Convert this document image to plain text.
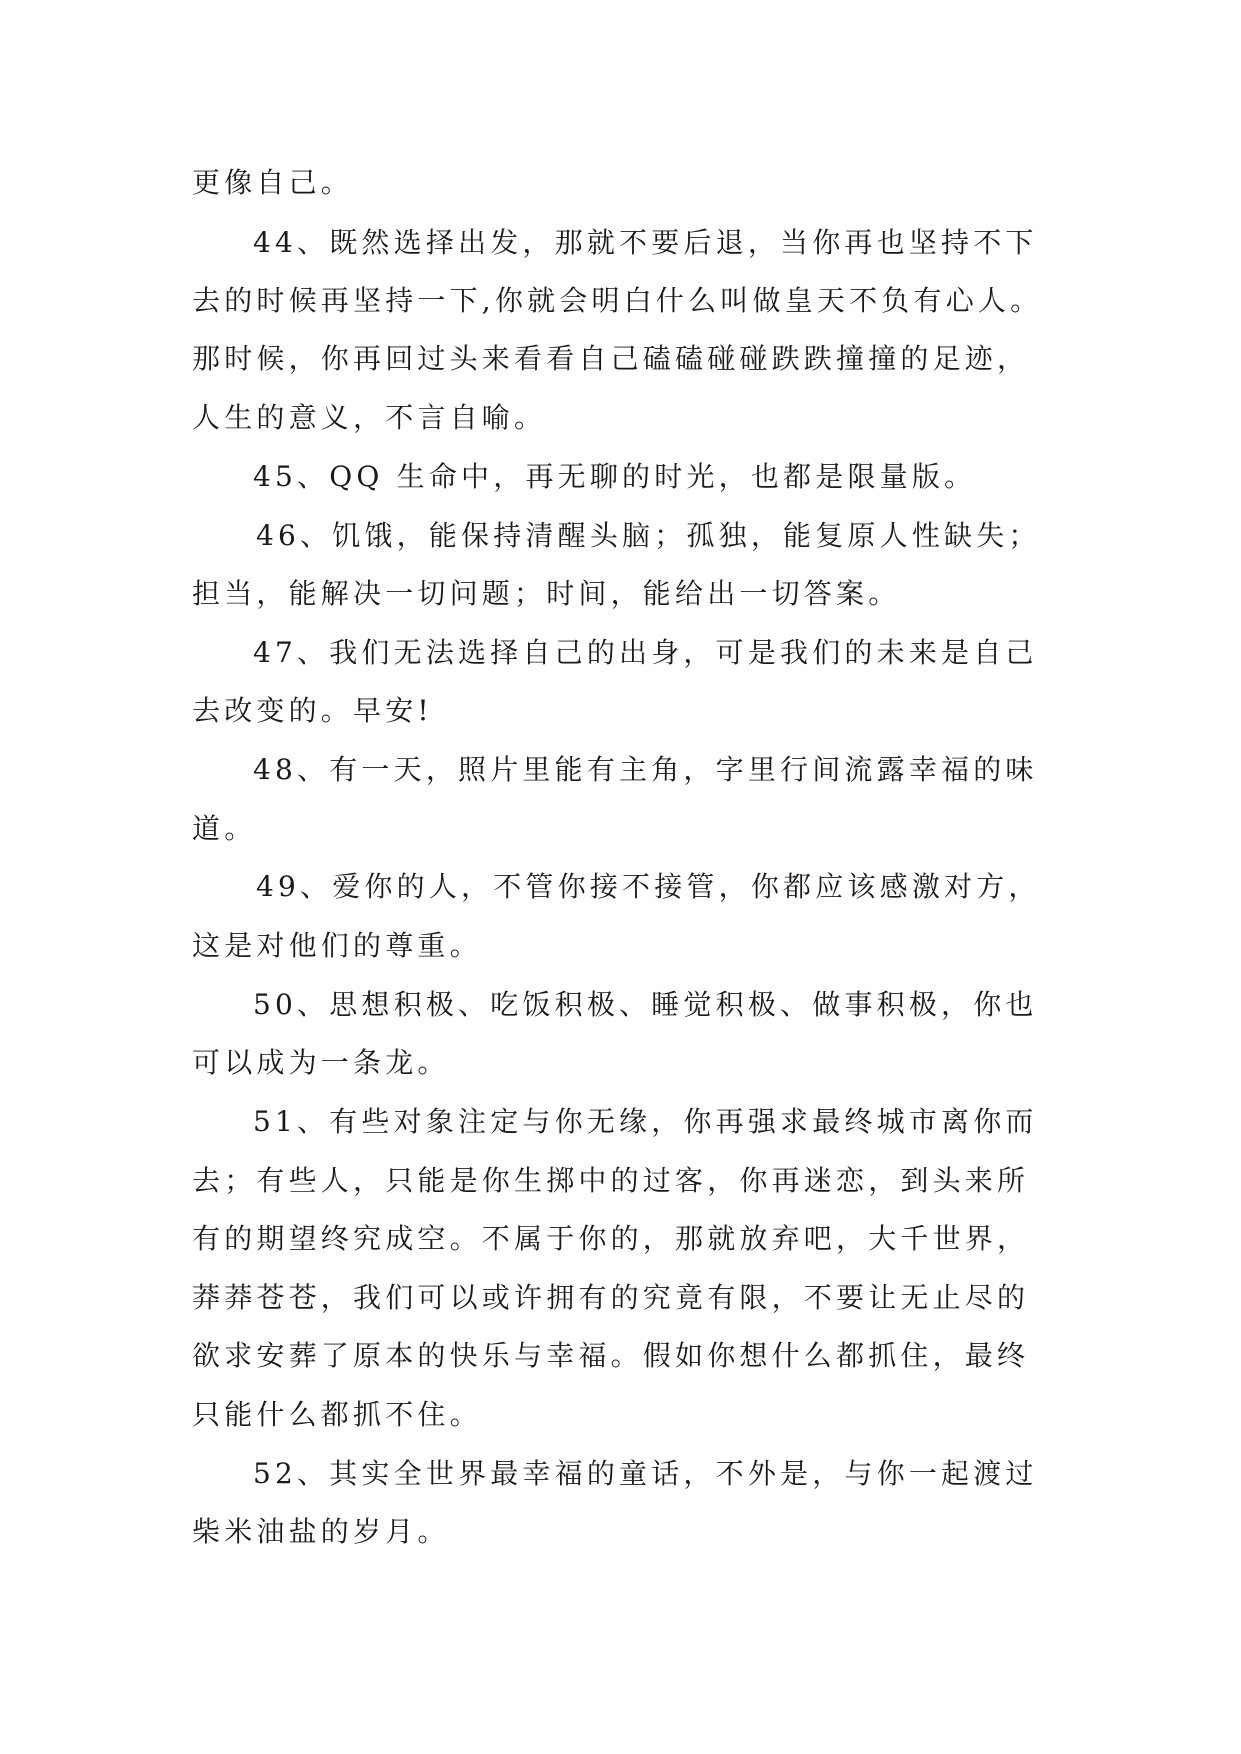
更像自己。
44、既然选择出发，那就不要后退，当你再也坚持不下
去的时候再坚持一下,你就会明白什么叫做皇天不负有心人。
那时候，你再回过头来看看自己磕磕碰碰跌跌撞撞的足迹，
人生的意义，不言自喻。
45、QQ 生命中，再无聊的时光，也都是限量版。
46、饥饿，能保持清醒头脑；孤独，能复原人性缺失；
担当，能解决一切问题；时间，能给出一切答案。
47、我们无法选择自己的出身，可是我们的未来是自己
去改变的。早安!
48、有一天，照片里能有主角，字里行间流露幸福的味
道。
49、爱你的人，不管你接不接管，你都应该感激对方，
这是对他们的尊重。
50、思想积极、吃饭积极、睡觉积极、做事积极，你也
可以成为一条龙。
51、有些对象注定与你无缘，你再强求最终城市离你而
去；有些人，只能是你生掷中的过客，你再迷恋，到头来所
有的期望终究成空。不属于你的，那就放弃吧，大千世界，
莽莽苍苍，我们可以或许拥有的究竟有限，不要让无止尽的
欲求安葬了原本的快乐与幸福。假如你想什么都抓住，最终
只能什么都抓不住。
52、其实全世界最幸福的童话，不外是，与你一起渡过
柴米油盐的岁月。
